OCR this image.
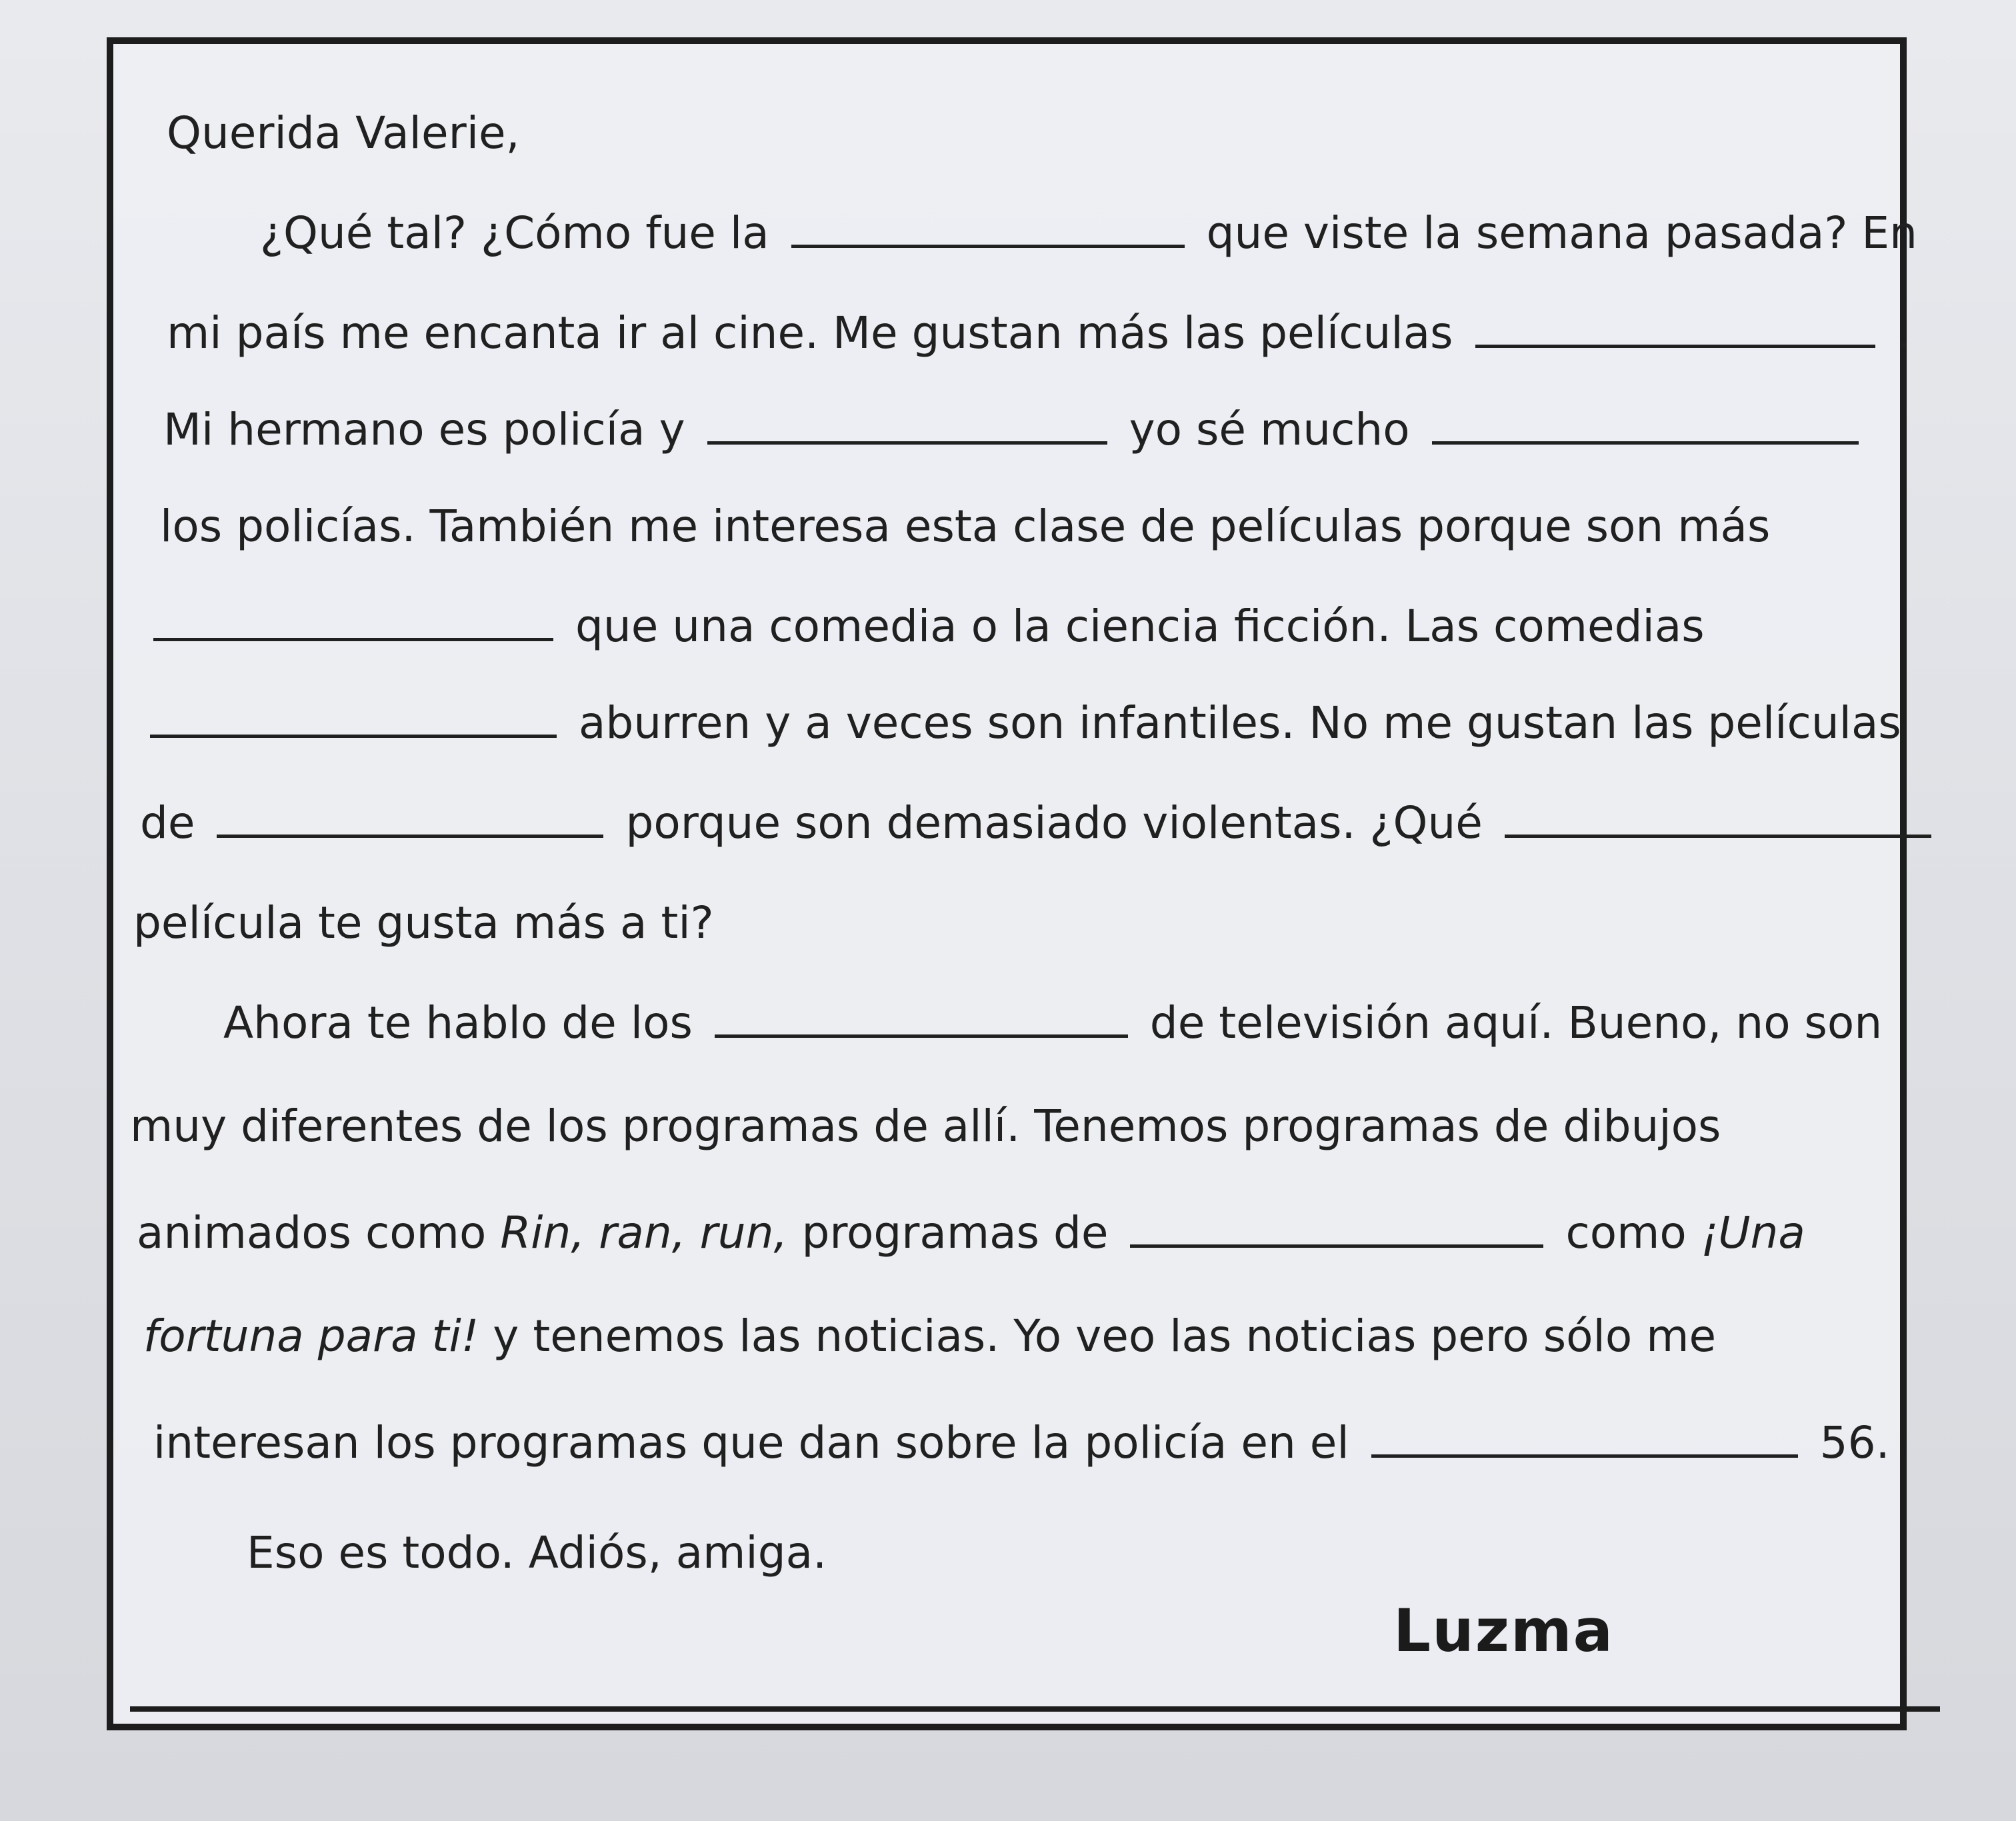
Querida Valerie,
¿Qué tal? ¿Cómo fue la	que viste la semana pasada? En
mi país me encanta ir al cine. Me gustan más las películas	.
Mi hermano es policía y	yo sé mucho
los policías. También me interesa esta clase de películas porque son más
que una comedia o la ciencia ficción. Las comedias
aburren y a veces son infantiles. No me gustan las películas
de	porque son demasiado violentas. ¿Qué
película te gusta más a ti?
Ahora te hablo de los	de televisión aquí. Bueno, no son
muy diferentes de los programas de allí. Tenemos programas de dibujos
animados como Rin, ran, run, programas de	como ¡Una
fortuna para ti! y tenemos las noticias. Yo veo las noticias pero sólo me
interesan los programas que dan sobre la policía en el	56.
Eso es todo. Adiós, amiga.
Luzma
